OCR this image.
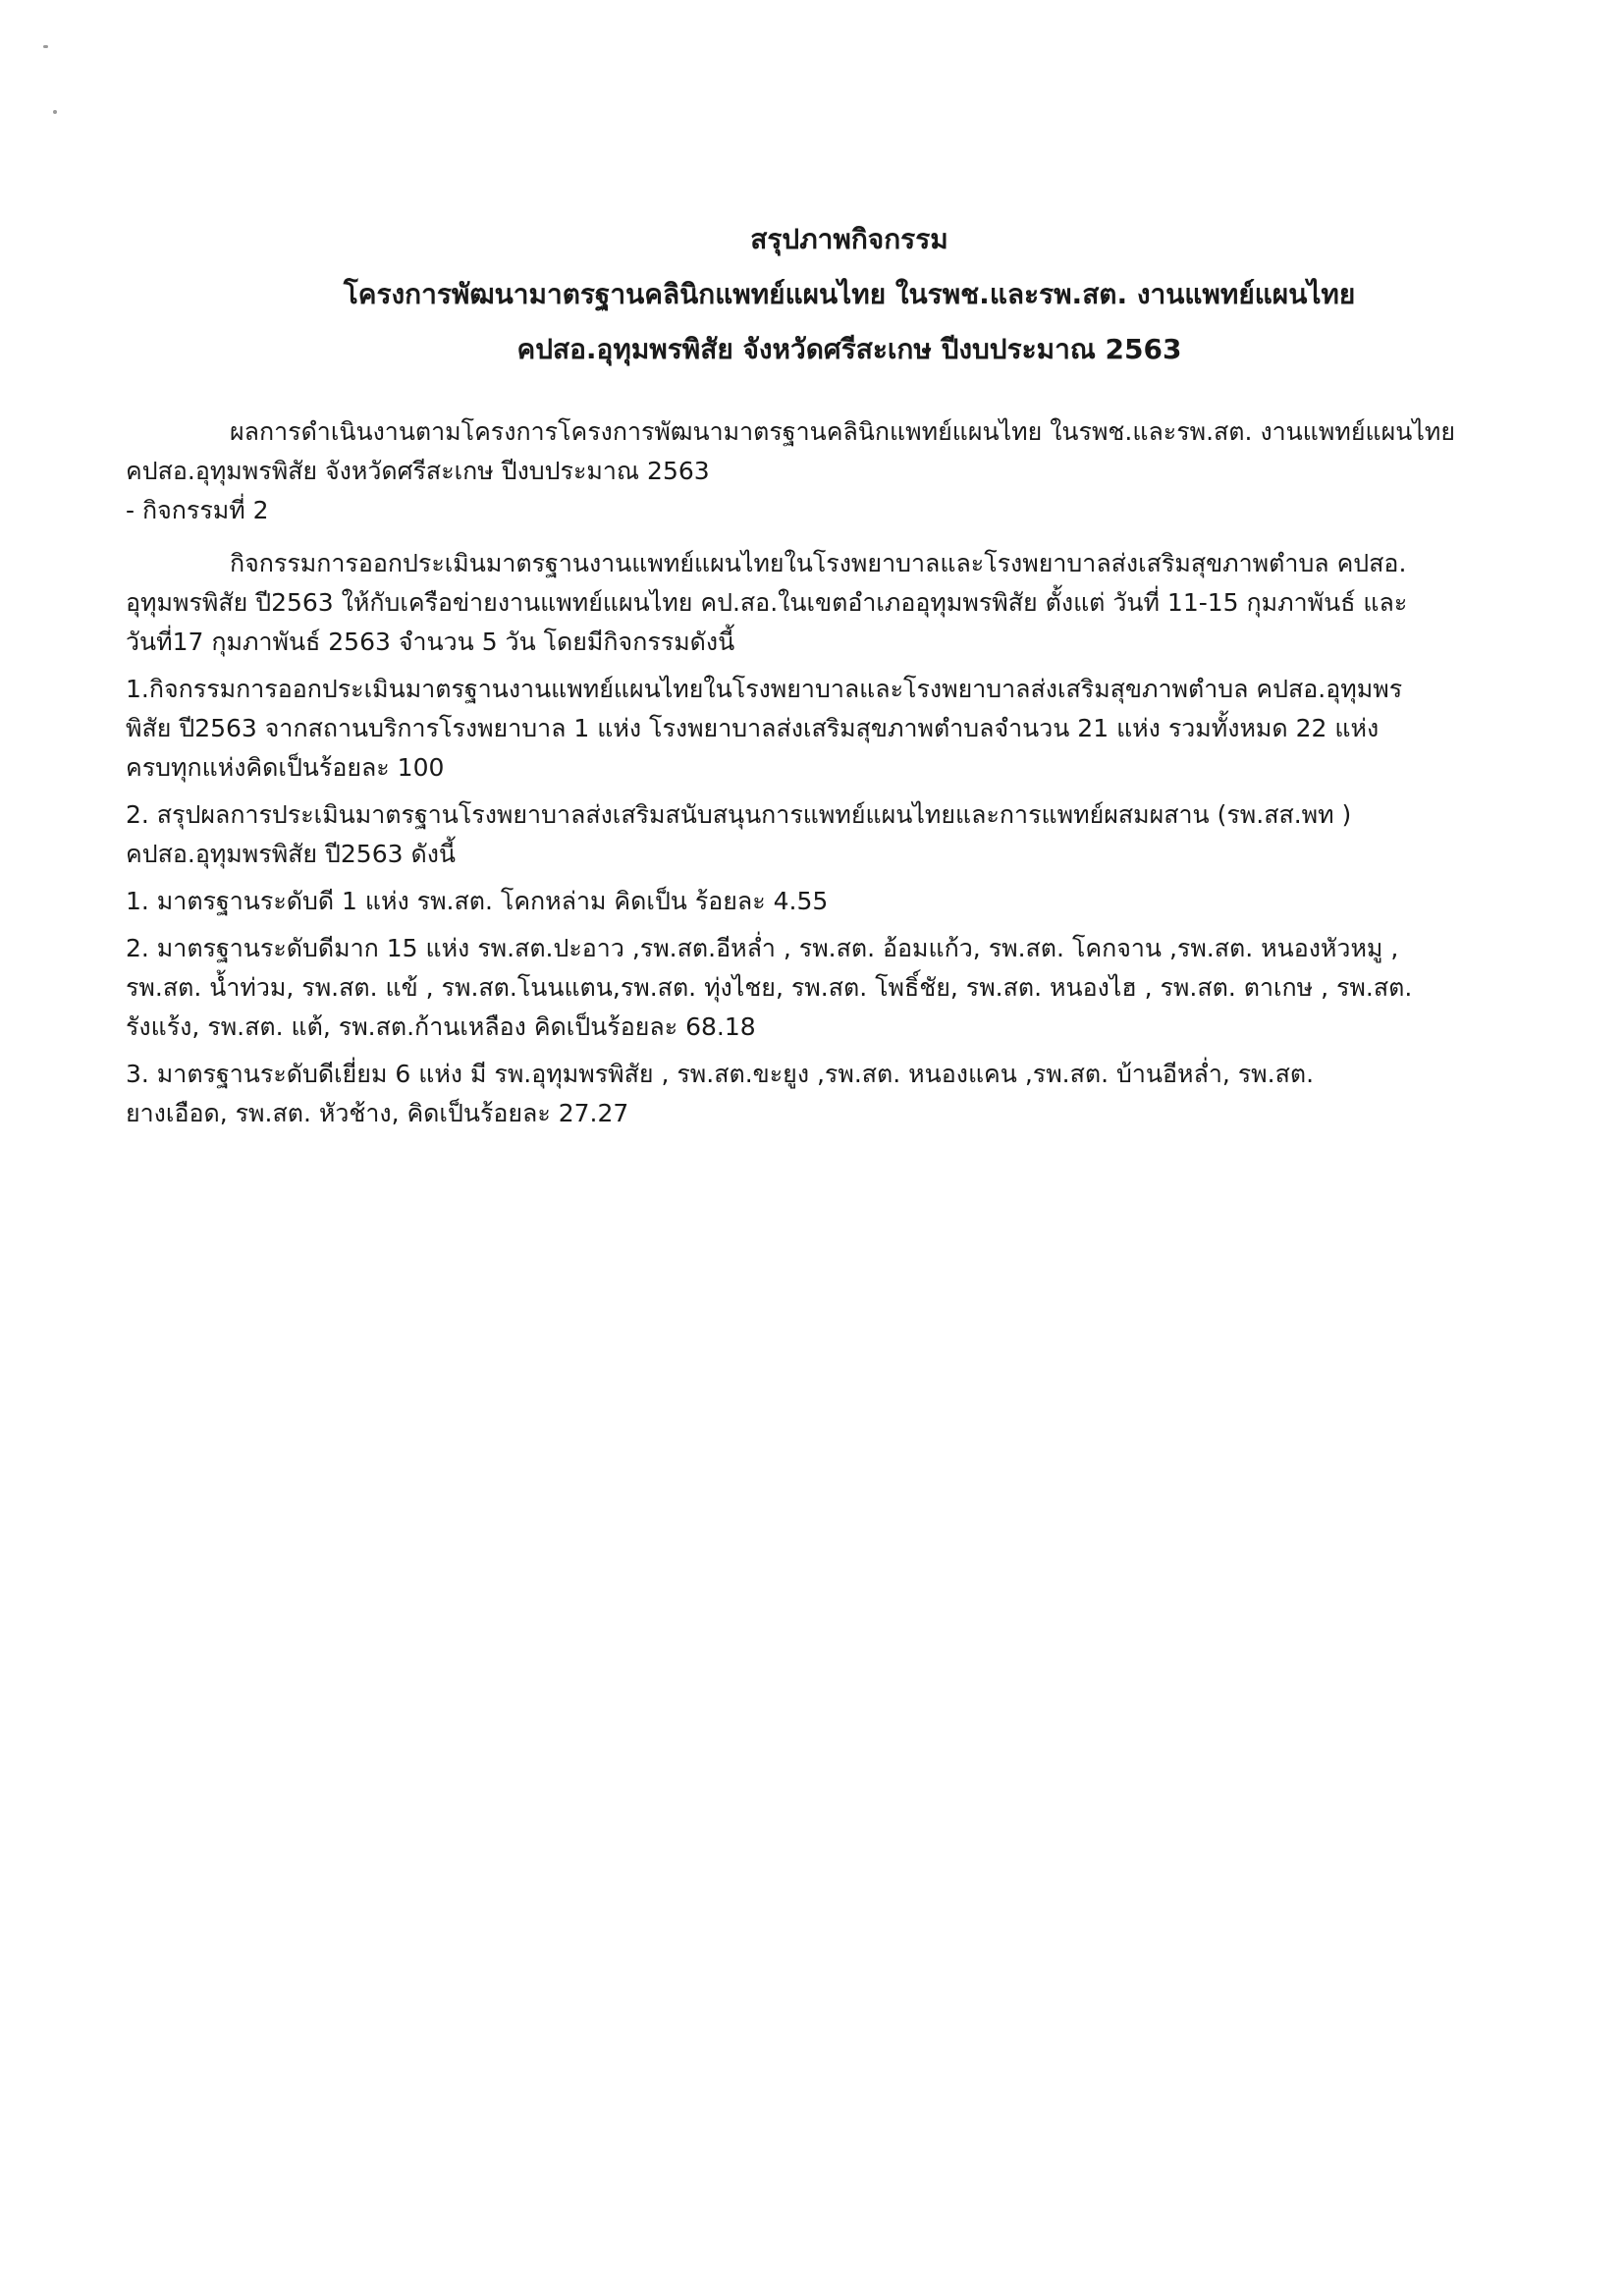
สรุปภาพกิจกรรม
โครงการพัฒนามาตรฐานคลินิกแพทย์แผนไทย ในรพช.และรพ.สต. งานแพทย์แผนไทย
คปสอ.อุทุมพรพิสัย จังหวัดศรีสะเกษ ปีงบประมาณ 2563
ผลการดำเนินงานตามโครงการโครงการพัฒนามาตรฐานคลินิกแพทย์แผนไทย ในรพช.และรพ.สต. งานแพทย์แผนไทย
คปสอ.อุทุมพรพิสัย จังหวัดศรีสะเกษ ปีงบประมาณ 2563
- กิจกรรมที่ 2
กิจกรรมการออกประเมินมาตรฐานงานแพทย์แผนไทยในโรงพยาบาลและโรงพยาบาลส่งเสริมสุขภาพตำบล คปสอ.
อุทุมพรพิสัย ปี2563 ให้กับเครือข่ายงานแพทย์แผนไทย คป.สอ.ในเขตอำเภออุทุมพรพิสัย ตั้งแต่ วันที่ 11-15 กุมภาพันธ์ และ
วันที่17 กุมภาพันธ์ 2563 จำนวน 5 วัน โดยมีกิจกรรมดังนี้
1.กิจกรรมการออกประเมินมาตรฐานงานแพทย์แผนไทยในโรงพยาบาลและโรงพยาบาลส่งเสริมสุขภาพตำบล คปสอ.อุทุมพร
พิสัย ปี2563 จากสถานบริการโรงพยาบาล 1 แห่ง โรงพยาบาลส่งเสริมสุขภาพตำบลจำนวน 21 แห่ง รวมทั้งหมด 22 แห่ง
ครบทุกแห่งคิดเป็นร้อยละ 100
2. สรุปผลการประเมินมาตรฐานโรงพยาบาลส่งเสริมสนับสนุนการแพทย์แผนไทยและการแพทย์ผสมผสาน (รพ.สส.พท )
คปสอ.อุทุมพรพิสัย ปี2563 ดังนี้
1. มาตรฐานระดับดี 1 แห่ง รพ.สต. โคกหล่าม คิดเป็น ร้อยละ 4.55
2. มาตรฐานระดับดีมาก 15 แห่ง รพ.สต.ปะอาว ,รพ.สต.อีหล่ำ , รพ.สต. อ้อมแก้ว, รพ.สต. โคกจาน ,รพ.สต. หนองหัวหมู ,
รพ.สต. น้ำท่วม, รพ.สต. แข้ , รพ.สต.โนนแตน,รพ.สต. ทุ่งไชย, รพ.สต. โพธิ์ชัย, รพ.สต. หนองไฮ , รพ.สต. ตาเกษ , รพ.สต.
รังแร้ง, รพ.สต. แต้, รพ.สต.ก้านเหลือง คิดเป็นร้อยละ 68.18
3. มาตรฐานระดับดีเยี่ยม 6 แห่ง มี รพ.อุทุมพรพิสัย , รพ.สต.ขะยูง ,รพ.สต. หนองแคน ,รพ.สต. บ้านอีหล่ำ, รพ.สต.
ยางเอือด, รพ.สต. หัวช้าง, คิดเป็นร้อยละ 27.27
